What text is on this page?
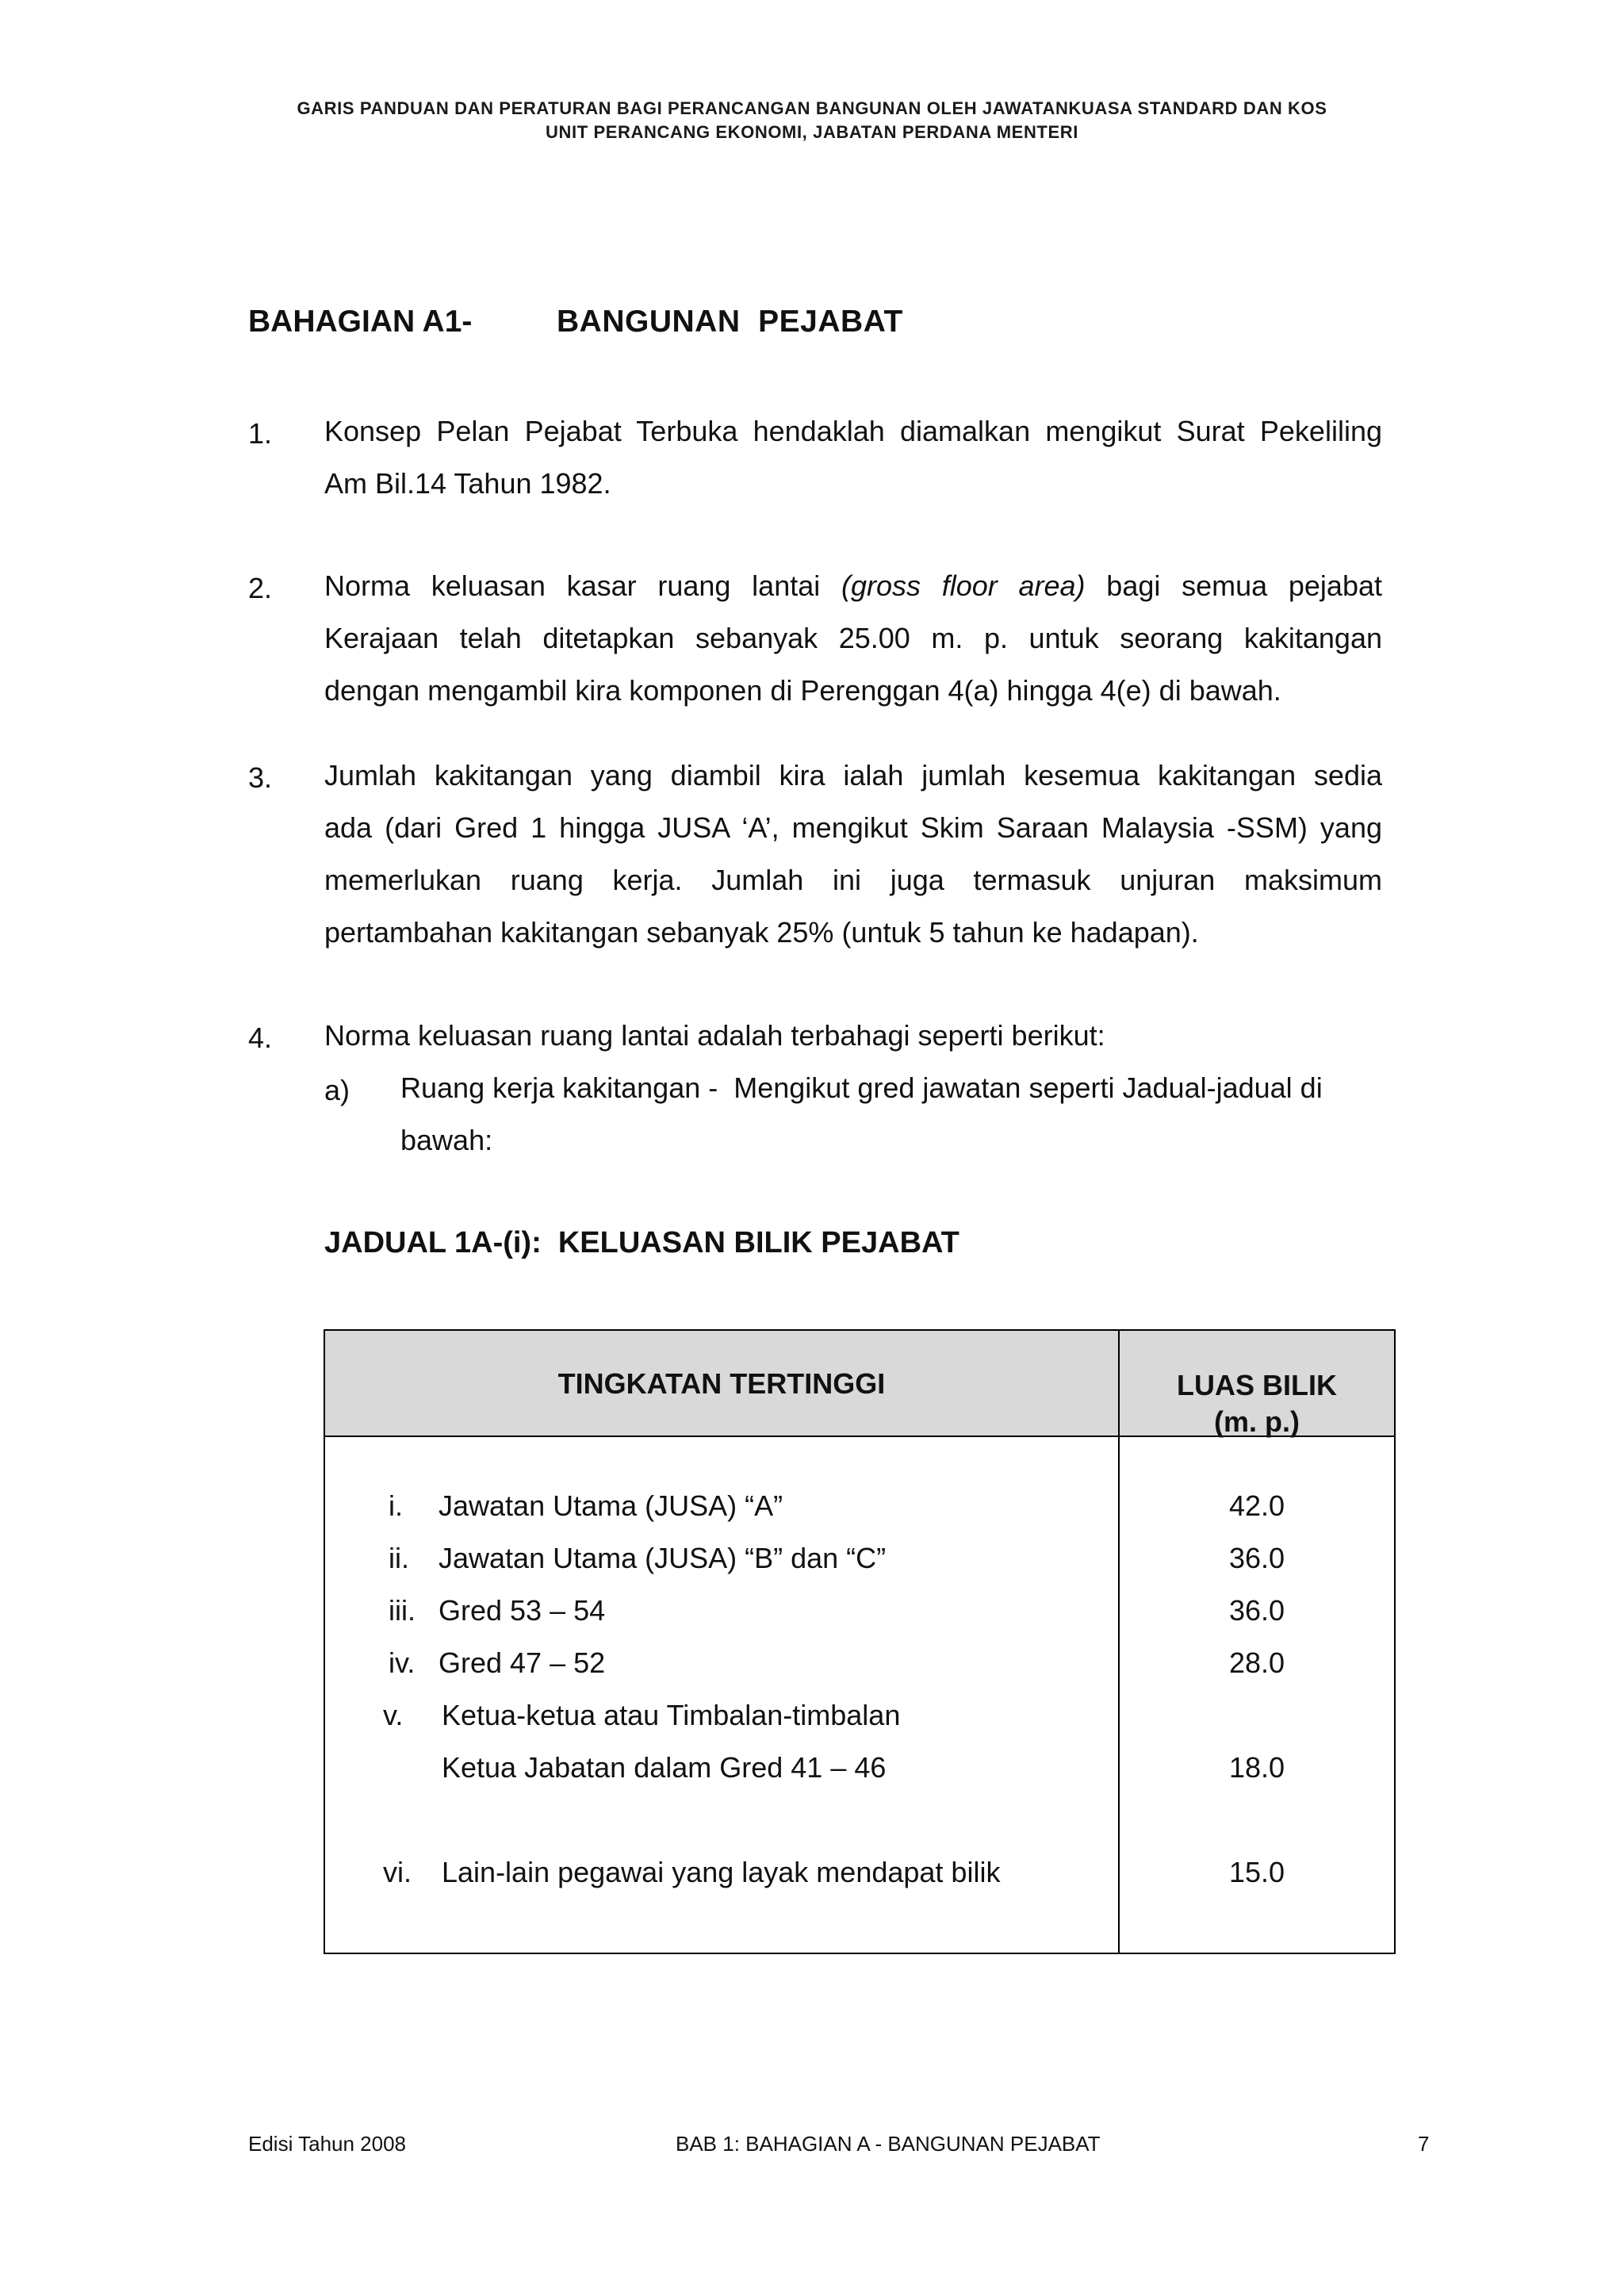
GARIS PANDUAN DAN PERATURAN BAGI PERANCANGAN BANGUNAN OLEH JAWATANKUASA STANDARD DAN KOS
UNIT PERANCANG EKONOMI, JABATAN PERDANA MENTERI
BAHAGIAN A1-	BANGUNAN  PEJABAT
1. Konsep Pelan Pejabat Terbuka hendaklah diamalkan mengikut Surat Pekeliling
Am Bil.14 Tahun 1982.
2. Norma keluasan kasar ruang lantai (gross floor area) bagi semua pejabat
Kerajaan telah ditetapkan sebanyak 25.00 m. p. untuk seorang kakitangan
dengan mengambil kira komponen di Perenggan 4(a) hingga 4(e) di bawah.
3. Jumlah kakitangan yang diambil kira ialah jumlah kesemua kakitangan sedia
ada (dari Gred 1 hingga JUSA ‘A’, mengikut Skim Saraan Malaysia -SSM) yang
memerlukan ruang kerja. Jumlah ini juga termasuk unjuran maksimum
pertambahan kakitangan sebanyak 25% (untuk 5 tahun ke hadapan).
4. Norma keluasan ruang lantai adalah terbahagi seperti berikut:
a) Ruang kerja kakitangan -  Mengikut gred jawatan seperti Jadual-jadual di
bawah:
JADUAL 1A-(i):  KELUASAN BILIK PEJABAT
TINGKATAN TERTINGGI	LUAS BILIK
(m. p.)
i. Jawatan Utama (JUSA) “A”	42.0
ii. Jawatan Utama (JUSA) “B” dan “C”	36.0
iii. Gred 53 – 54	36.0
iv. Gred 47 – 52	28.0
v. Ketua-ketua atau Timbalan-timbalan
Ketua Jabatan dalam Gred 41 – 46	18.0
vi. Lain-lain pegawai yang layak mendapat bilik	15.0
Edisi Tahun 2008	BAB 1: BAHAGIAN A - BANGUNAN PEJABAT	7
